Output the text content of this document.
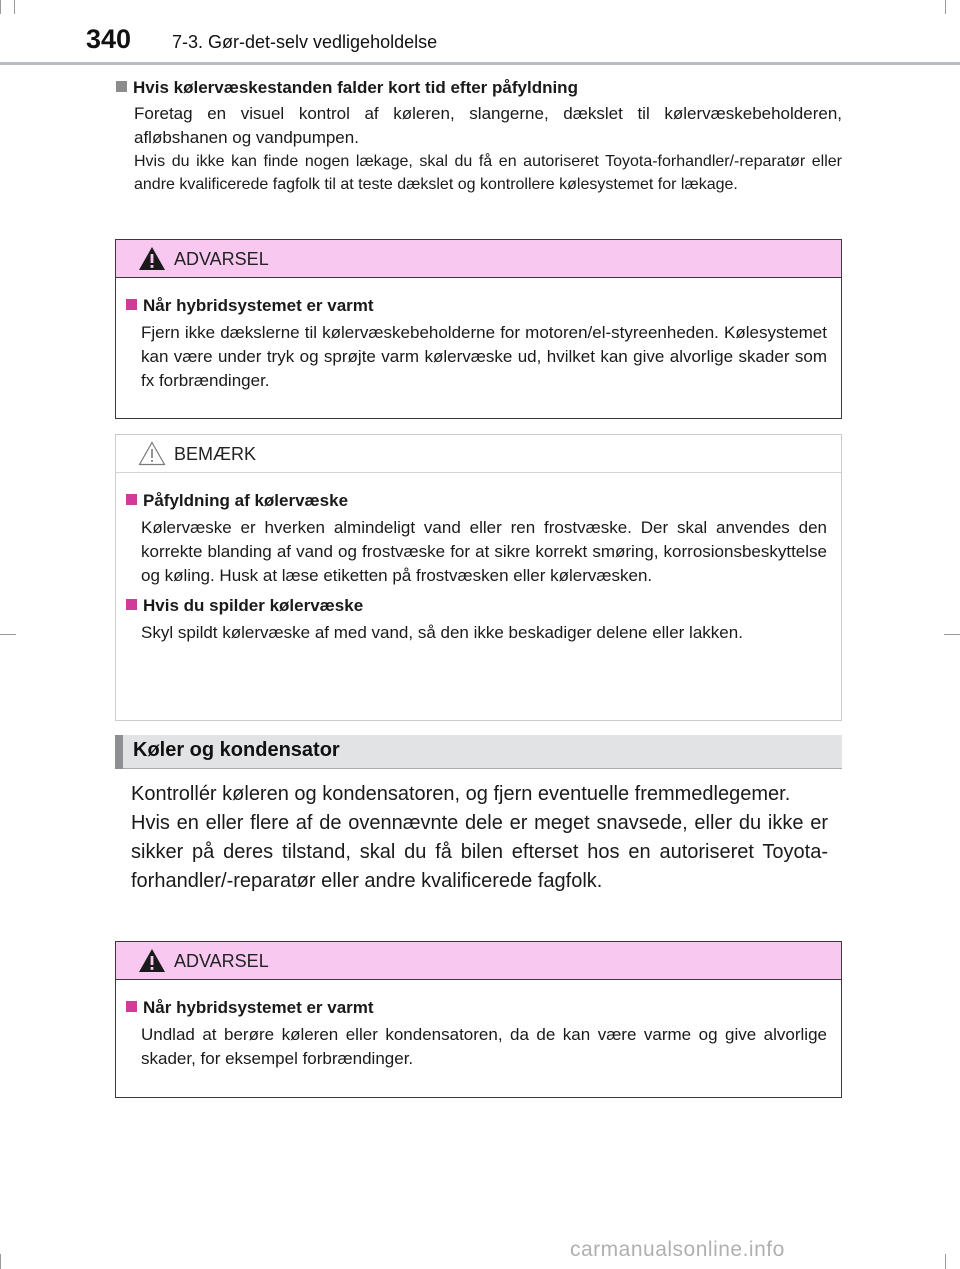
340 7-3. Gør-det-selv vedligeholdelse
Hvis kølervæskestanden falder kort tid efter påfyldning
Foretag en visuel kontrol af køleren, slangerne, dækslet til kølervæskebeholderen, afløbshanen og vandpumpen.
Hvis du ikke kan finde nogen lækage, skal du få en autoriseret Toyota-forhandler/-reparatør eller andre kvalificerede fagfolk til at teste dækslet og kontrollere kølesystemet for lækage.
ADVARSEL
Når hybridsystemet er varmt
Fjern ikke dækslerne til kølervæskebeholderne for motoren/el-styreenheden. Kølesystemet kan være under tryk og sprøjte varm kølervæske ud, hvilket kan give alvorlige skader som fx forbrændinger.
BEMÆRK
Påfyldning af kølervæske
Kølervæske er hverken almindeligt vand eller ren frostvæske. Der skal anvendes den korrekte blanding af vand og frostvæske for at sikre korrekt smøring, korrosionsbeskyttelse og køling. Husk at læse etiketten på frostvæsken eller kølervæsken.
Hvis du spilder kølervæske
Skyl spildt kølervæske af med vand, så den ikke beskadiger delene eller lakken.
Køler og kondensator
Kontrollér køleren og kondensatoren, og fjern eventuelle fremmedlegemer.
Hvis en eller flere af de ovennævnte dele er meget snavsede, eller du ikke er sikker på deres tilstand, skal du få bilen efterset hos en autoriseret Toyota-forhandler/-reparatør eller andre kvalificerede fagfolk.
ADVARSEL
Når hybridsystemet er varmt
Undlad at berøre køleren eller kondensatoren, da de kan være varme og give alvorlige skader, for eksempel forbrændinger.
carmanualsonline.info
